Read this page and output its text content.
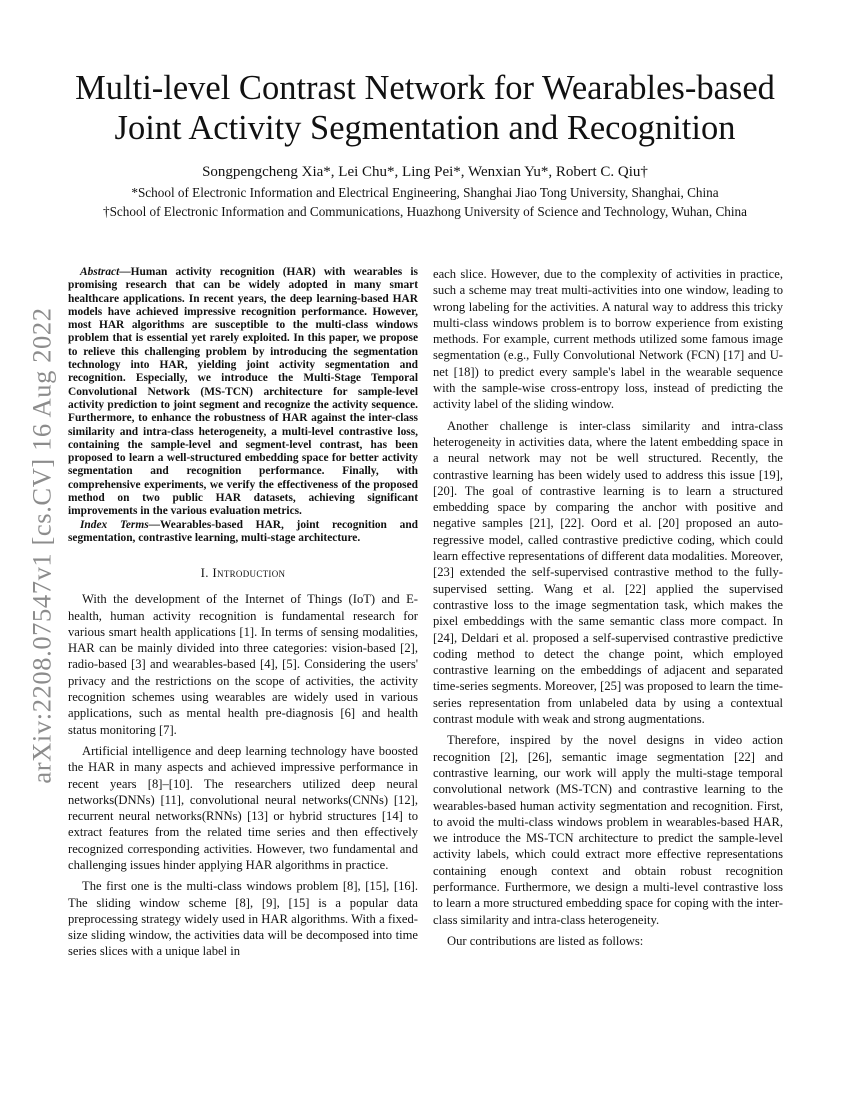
arXiv:2208.07547v1 [cs.CV] 16 Aug 2022
Multi-level Contrast Network for Wearables-based
Joint Activity Segmentation and Recognition
Songpengcheng Xia*, Lei Chu*, Ling Pei*, Wenxian Yu*, Robert C. Qiu†
*School of Electronic Information and Electrical Engineering, Shanghai Jiao Tong University, Shanghai, China
†School of Electronic Information and Communications, Huazhong University of Science and Technology, Wuhan, China

Abstract—Human activity recognition (HAR) with wearables is promising research that can be widely adopted in many smart healthcare applications. In recent years, the deep learning-based HAR models have achieved impressive recognition performance. However, most HAR algorithms are susceptible to the multi-class windows problem that is essential yet rarely exploited. In this paper, we propose to relieve this challenging problem by introducing the segmentation technology into HAR, yielding joint activity segmentation and recognition. Especially, we introduce the Multi-Stage Temporal Convolutional Network (MS-TCN) architecture for sample-level activity prediction to joint segment and recognize the activity sequence. Furthermore, to enhance the robustness of HAR against the inter-class similarity and intra-class heterogeneity, a multi-level contrastive loss, containing the sample-level and segment-level contrast, has been proposed to learn a well-structured embedding space for better activity segmentation and recognition performance. Finally, with comprehensive experiments, we verify the effectiveness of the proposed method on two public HAR datasets, achieving significant improvements in the various evaluation metrics.

Index Terms—Wearables-based HAR, joint recognition and segmentation, contrastive learning, multi-stage architecture.

I. Introduction

With the development of the Internet of Things (IoT) and E-health, human activity recognition is fundamental research for various smart health applications [1]. In terms of sensing modalities, HAR can be mainly divided into three categories: vision-based [2], radio-based [3] and wearables-based [4], [5]. Considering the users' privacy and the restrictions on the scope of activities, the activity recognition schemes using wearables are widely used in various applications, such as mental health pre-diagnosis [6] and health status monitoring [7].

Artificial intelligence and deep learning technology have boosted the HAR in many aspects and achieved impressive performance in recent years [8]–[10]. The researchers utilized deep neural networks(DNNs) [11], convolutional neural networks(CNNs) [12], recurrent neural networks(RNNs) [13] or hybrid structures [14] to extract features from the related time series and then effectively recognized corresponding activities. However, two fundamental and challenging issues hinder applying HAR algorithms in practice.

The first one is the multi-class windows problem [8], [15], [16]. The sliding window scheme [8], [9], [15] is a popular data preprocessing strategy widely used in HAR algorithms. With a fixed-size sliding window, the activities data will be decomposed into time series slices with a unique label in

each slice. However, due to the complexity of activities in practice, such a scheme may treat multi-activities into one window, leading to wrong labeling for the activities. A natural way to address this tricky multi-class windows problem is to borrow experience from existing methods. For example, current methods utilized some famous image segmentation (e.g., Fully Convolutional Network (FCN) [17] and U-net [18]) to predict every sample's label in the wearable sequence with the sample-wise cross-entropy loss, instead of predicting the activity label of the sliding window.

Another challenge is inter-class similarity and intra-class heterogeneity in activities data, where the latent embedding space in a neural network may not be well structured. Recently, the contrastive learning has been widely used to address this issue [19], [20]. The goal of contrastive learning is to learn a structured embedding space by comparing the anchor with positive and negative samples [21], [22]. Oord et al. [20] proposed an auto-regressive model, called contrastive predictive coding, which could learn effective representations of different data modalities. Moreover, [23] extended the self-supervised contrastive method to the fully-supervised setting. Wang et al. [22] applied the supervised contrastive loss to the image segmentation task, which makes the pixel embeddings with the same semantic class more compact. In [24], Deldari et al. proposed a self-supervised contrastive predictive coding method to detect the change point, which employed contrastive learning on the embeddings of adjacent and separated time-series segments. Moreover, [25] was proposed to learn the time-series representation from unlabeled data by using a contextual contrast module with weak and strong augmentations.

Therefore, inspired by the novel designs in video action recognition [2], [26], semantic image segmentation [22] and contrastive learning, our work will apply the multi-stage temporal convolutional network (MS-TCN) and contrastive learning to the wearables-based human activity segmentation and recognition. First, to avoid the multi-class windows problem in wearables-based HAR, we introduce the MS-TCN architecture to predict the sample-level activity labels, which could extract more effective representations containing enough context and obtain robust recognition performance. Furthermore, we design a multi-level contrastive loss to learn a more structured embedding space for coping with the inter-class similarity and intra-class heterogeneity.

Our contributions are listed as follows:
